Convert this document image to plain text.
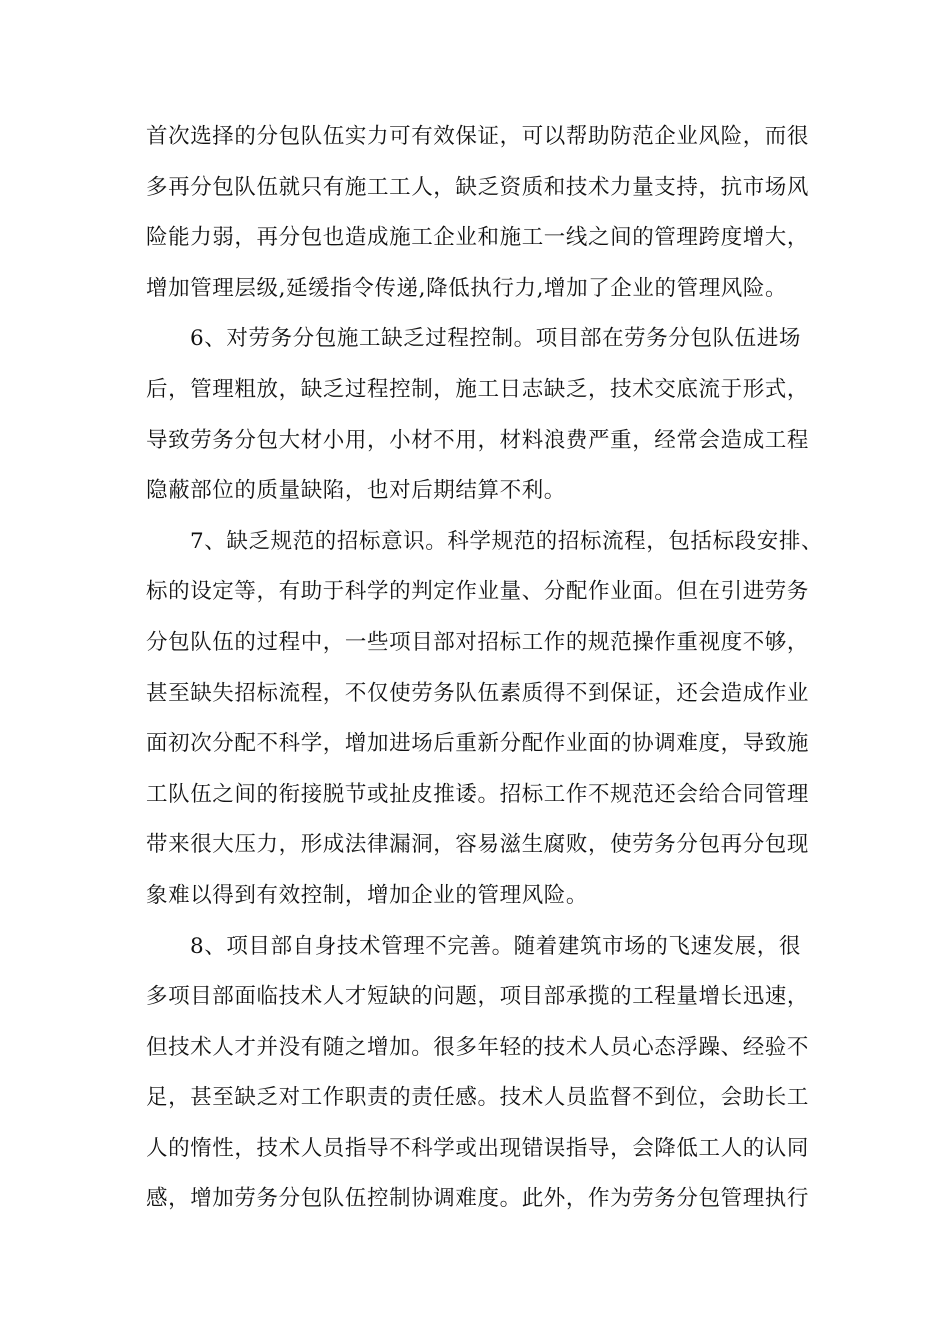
首次选择的分包队伍实力可有效保证，可以帮助防范企业风险，而很
多再分包队伍就只有施工工人，缺乏资质和技术力量支持，抗市场风
险能力弱，再分包也造成施工企业和施工一线之间的管理跨度增大，
增加管理层级,延缓指令传递,降低执行力,增加了企业的管理风险。
6、对劳务分包施工缺乏过程控制。项目部在劳务分包队伍进场
后，管理粗放，缺乏过程控制，施工日志缺乏，技术交底流于形式，
导致劳务分包大材小用，小材不用，材料浪费严重，经常会造成工程
隐蔽部位的质量缺陷，也对后期结算不利。
7、缺乏规范的招标意识。科学规范的招标流程，包括标段安排、
标的设定等，有助于科学的判定作业量、分配作业面。但在引进劳务
分包队伍的过程中，一些项目部对招标工作的规范操作重视度不够，
甚至缺失招标流程，不仅使劳务队伍素质得不到保证，还会造成作业
面初次分配不科学，增加进场后重新分配作业面的协调难度，导致施
工队伍之间的衔接脱节或扯皮推诿。招标工作不规范还会给合同管理
带来很大压力，形成法律漏洞，容易滋生腐败，使劳务分包再分包现
象难以得到有效控制，增加企业的管理风险。
8、项目部自身技术管理不完善。随着建筑市场的飞速发展，很
多项目部面临技术人才短缺的问题，项目部承揽的工程量增长迅速，
但技术人才并没有随之增加。很多年轻的技术人员心态浮躁、经验不
足，甚至缺乏对工作职责的责任感。技术人员监督不到位，会助长工
人的惰性，技术人员指导不科学或出现错误指导，会降低工人的认同
感，增加劳务分包队伍控制协调难度。此外，作为劳务分包管理执行
